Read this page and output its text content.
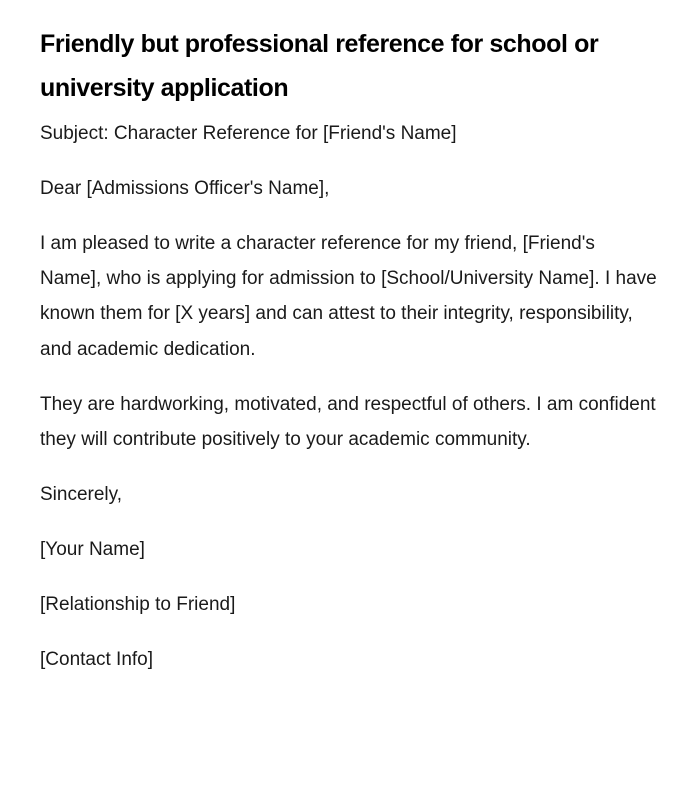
Friendly but professional reference for school or university application
Subject: Character Reference for [Friend's Name]
Dear [Admissions Officer's Name],

I am pleased to write a character reference for my friend, [Friend's Name], who is applying for admission to [School/University Name]. I have known them for [X years] and can attest to their integrity, responsibility, and academic dedication.

They are hardworking, motivated, and respectful of others. I am confident they will contribute positively to your academic community.

Sincerely,
[Your Name]
[Relationship to Friend]
[Contact Info]
